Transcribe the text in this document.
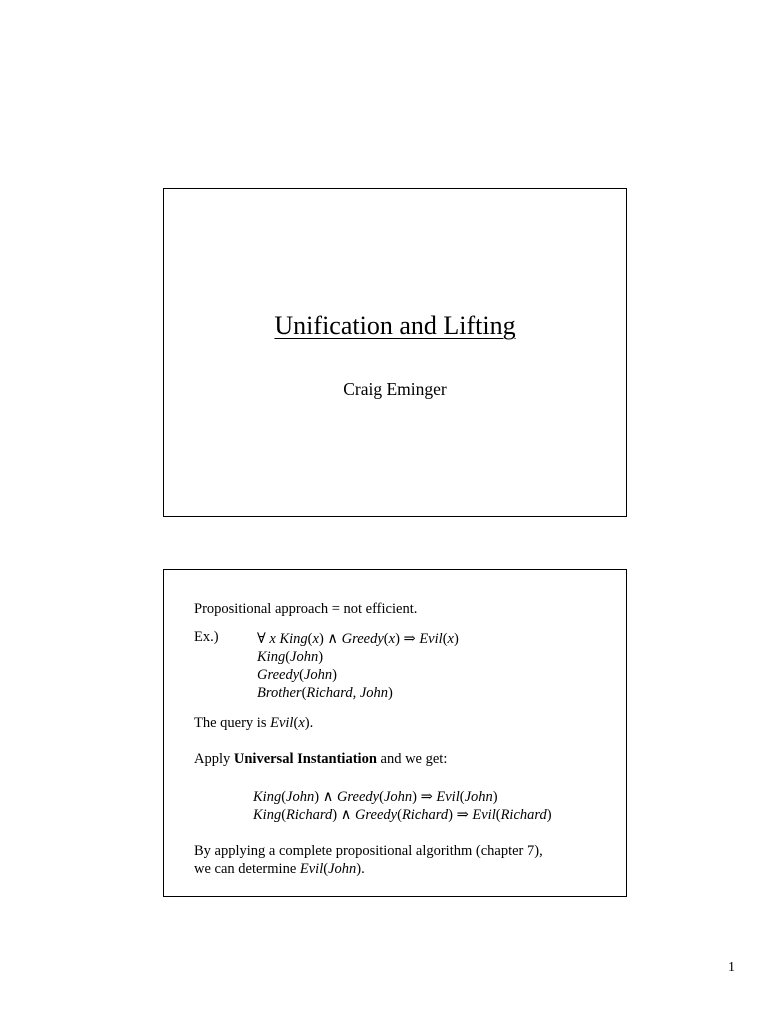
Unification and Lifting
Craig Eminger
Propositional approach = not efficient.
Ex.)	∀ x King(x) ∧ Greedy(x) ⇒ Evil(x)
King(John)
Greedy(John)
Brother(Richard, John)
The query is Evil(x).
Apply Universal Instantiation and we get:
King(John) ∧ Greedy(John) ⇒ Evil(John)
King(Richard) ∧ Greedy(Richard) ⇒ Evil(Richard)
By applying a complete propositional algorithm (chapter 7),
we can determine Evil(John).
1
